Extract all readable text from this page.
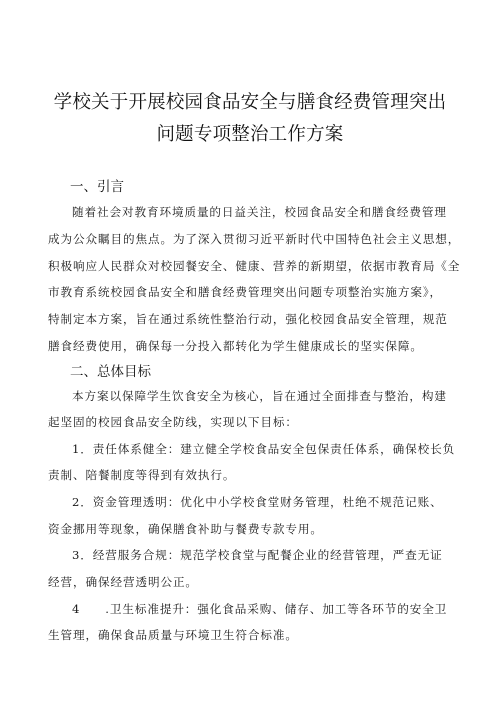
学校关于开展校园食品安全与膳食经费管理突出
问题专项整治工作方案
一、引言
随着社会对教育环境质量的日益关注，校园食品安全和膳食经费管理
成为公众瞩目的焦点。为了深入贯彻习近平新时代中国特色社会主义思想，
积极响应人民群众对校园餐安全、健康、营养的新期望，依据市教育局《全
市教育系统校园食品安全和膳食经费管理突出问题专项整治实施方案》，
特制定本方案，旨在通过系统性整治行动，强化校园食品安全管理，规范
膳食经费使用，确保每一分投入都转化为学生健康成长的坚实保障。
二、总体目标
本方案以保障学生饮食安全为核心，旨在通过全面排查与整治，构建
起坚固的校园食品安全防线，实现以下目标：
1．责任体系健全：建立健全学校食品安全包保责任体系，确保校长负
责制、陪餐制度等得到有效执行。
2．资金管理透明：优化中小学校食堂财务管理，杜绝不规范记账、
资金挪用等现象，确保膳食补助与餐费专款专用。
3．经营服务合规：规范学校食堂与配餐企业的经营管理，严查无证
经营，确保经营透明公正。
4　　.卫生标准提升：强化食品采购、储存、加工等各环节的安全卫
生管理，确保食品质量与环境卫生符合标准。
